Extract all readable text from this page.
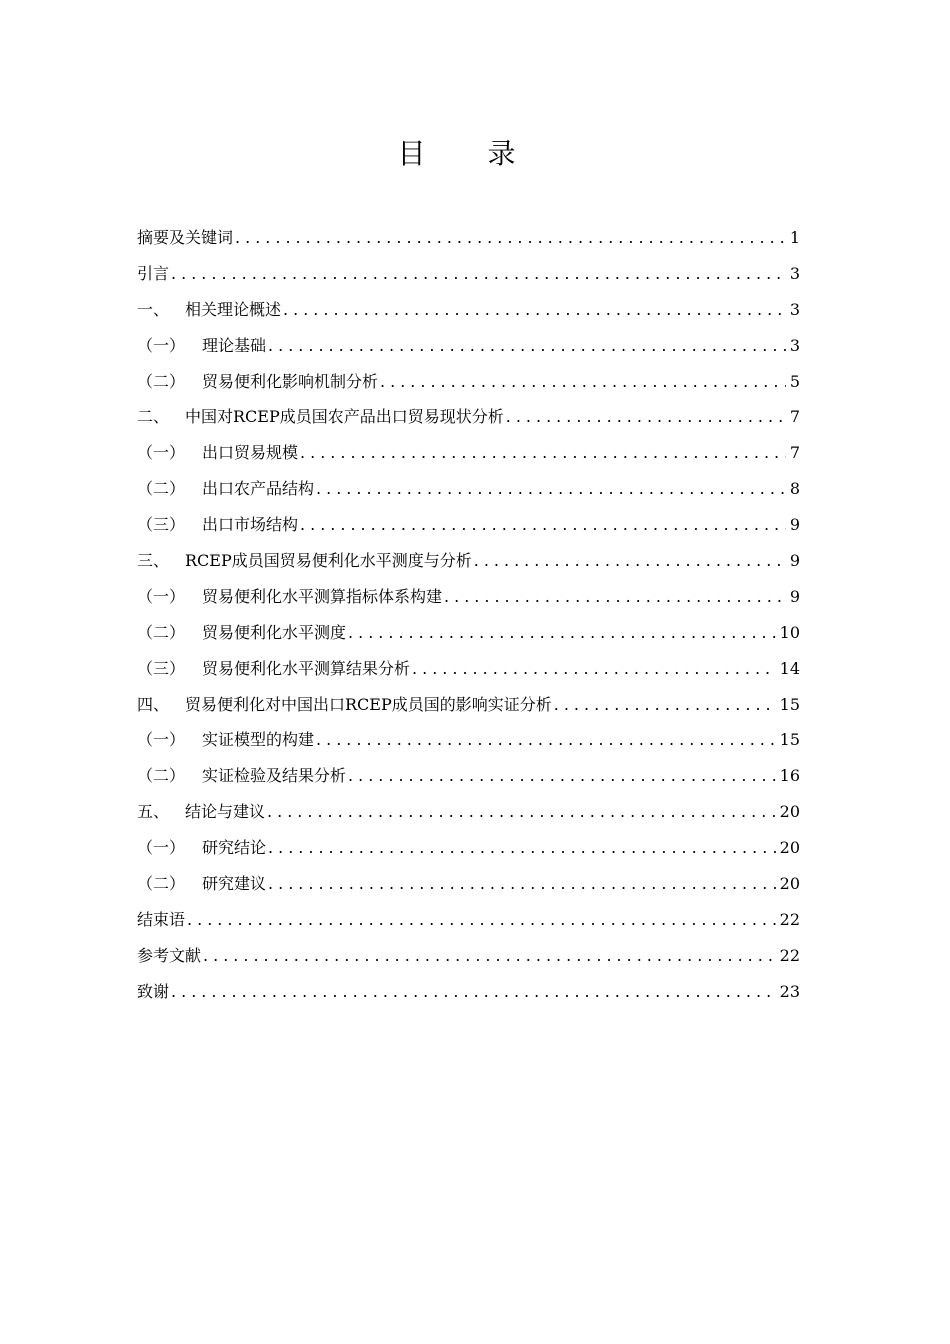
目录
摘要及关键词 .....	1
引言 .....	3
一、 相关理论概述 .....	3
（一）	理论基础 .....	3
（二）	贸易便利化影响机制分析 .....	5
二、 中国对RCEP成员国农产品出口贸易现状分析 .....	7
（一）	出口贸易规模 .....	7
（二）	出口农产品结构 .....	8
（三）	出口市场结构 .....	9
三、 RCEP成员国贸易便利化水平测度与分析 .....	9
（一）	贸易便利化水平测算指标体系构建 .....	9
（二）	贸易便利化水平测度 .....	10
（三）	贸易便利化水平测算结果分析 .....	14
四、 贸易便利化对中国出口RCEP成员国的影响实证分析 .....	15
（一）	实证模型的构建 .....	15
（二）	实证检验及结果分析 .....	16
五、 结论与建议 .....	20
（一）	研究结论 .....	20
（二）	研究建议 .....	20
结束语 .....	22
参考文献 .....	22
致谢 .....	23
